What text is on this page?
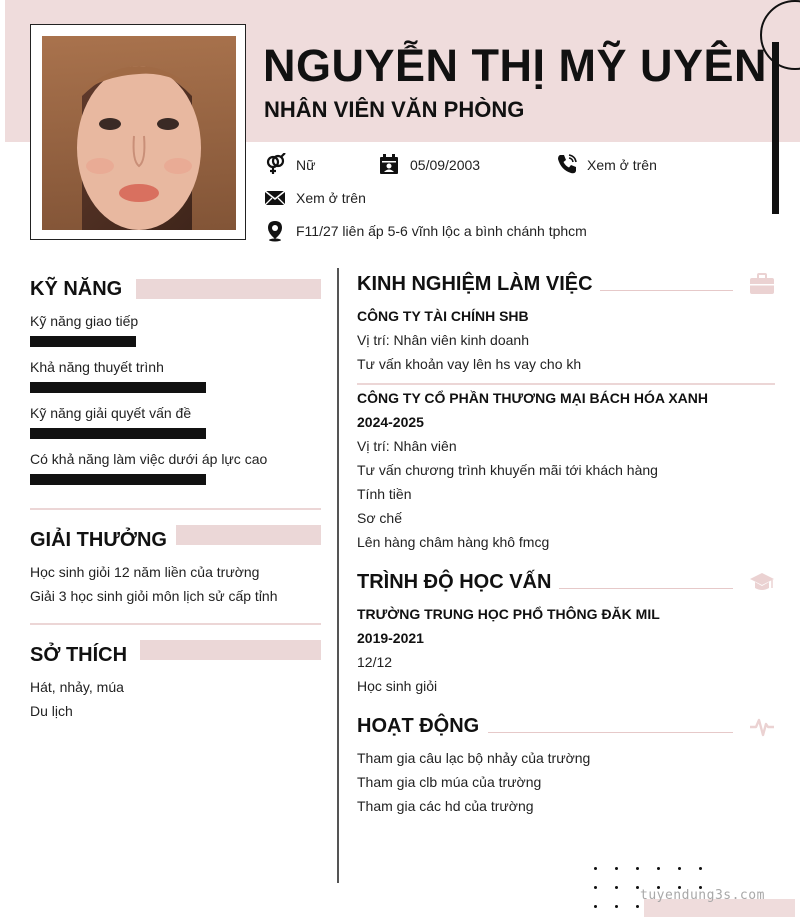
NGUYỄN THỊ MỸ UYÊN
NHÂN VIÊN VĂN PHÒNG
Nữ	05/09/2003	Xem ở trên
Xem ở trên
F11/27 liên ấp 5-6 vĩnh lộc a bình chánh tphcm
KỸ NĂNG
Kỹ năng giao tiếp
Khả năng thuyết trình
Kỹ năng giải quyết vấn đề
Có khả năng làm việc dưới áp lực cao
GIẢI THƯỞNG
Học sinh giỏi 12 năm liền của trường
Giải 3 học sinh giỏi môn lịch sử cấp tỉnh
SỞ THÍCH
Hát, nhảy, múa
Du lịch
KINH NGHIỆM LÀM VIỆC
CÔNG TY TÀI CHÍNH SHB
Vị trí: Nhân viên kinh doanh
Tư vấn khoản vay lên hs vay cho kh
CÔNG TY CỔ PHẦN THƯƠNG MẠI BÁCH HÓA XANH
2024-2025
Vị trí: Nhân viên
Tư vấn chương trình khuyến mãi tới khách hàng
Tính tiền
Sơ chế
Lên hàng châm hàng khô fmcg
TRÌNH ĐỘ HỌC VẤN
TRƯỜNG TRUNG HỌC PHỔ THÔNG ĐĂK MIL
2019-2021
12/12
Học sinh giỏi
HOẠT ĐỘNG
Tham gia câu lạc bộ nhảy của trường
Tham gia clb múa của trường
Tham gia các hd của trường
tuyendung3s.com
